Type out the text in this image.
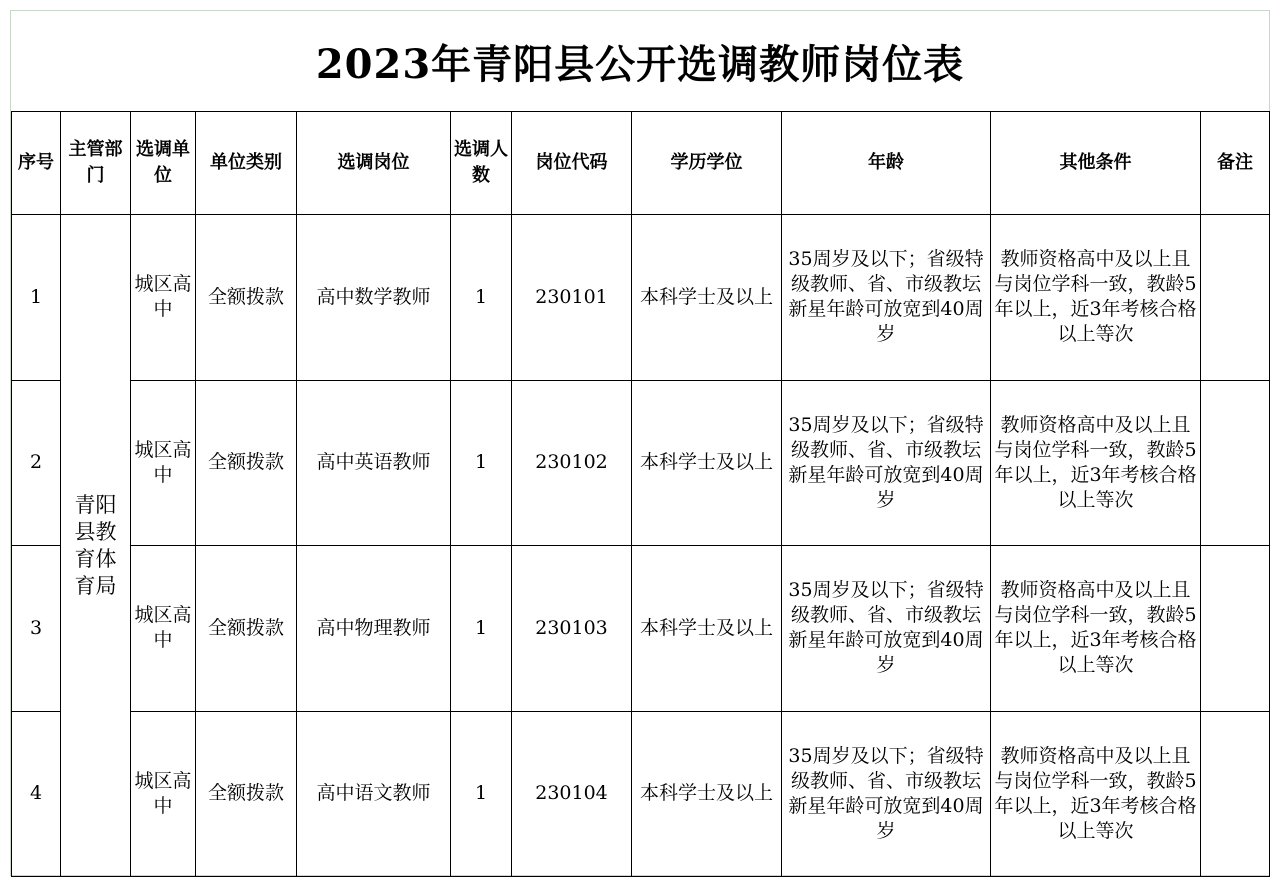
2023年青阳县公开选调教师岗位表
序号	主管部门	选调单位	单位类别	选调岗位	选调人数	岗位代码	学历学位	年龄	其他条件	备注
1	青阳县教育体育局	城区高中	全额拨款	高中数学教师	1	230101	本科学士及以上	35周岁及以下；省级特级教师、省、市级教坛新星年龄可放宽到40周岁	教师资格高中及以上且与岗位学科一致，教龄5年以上，近3年考核合格以上等次	
2		城区高中	全额拨款	高中英语教师	1	230102	本科学士及以上	35周岁及以下；省级特级教师、省、市级教坛新星年龄可放宽到40周岁	教师资格高中及以上且与岗位学科一致，教龄5年以上，近3年考核合格以上等次	
3		城区高中	全额拨款	高中物理教师	1	230103	本科学士及以上	35周岁及以下；省级特级教师、省、市级教坛新星年龄可放宽到40周岁	教师资格高中及以上且与岗位学科一致，教龄5年以上，近3年考核合格以上等次	
4		城区高中	全额拨款	高中语文教师	1	230104	本科学士及以上	35周岁及以下；省级特级教师、省、市级教坛新星年龄可放宽到40周岁	教师资格高中及以上且与岗位学科一致，教龄5年以上，近3年考核合格以上等次	
